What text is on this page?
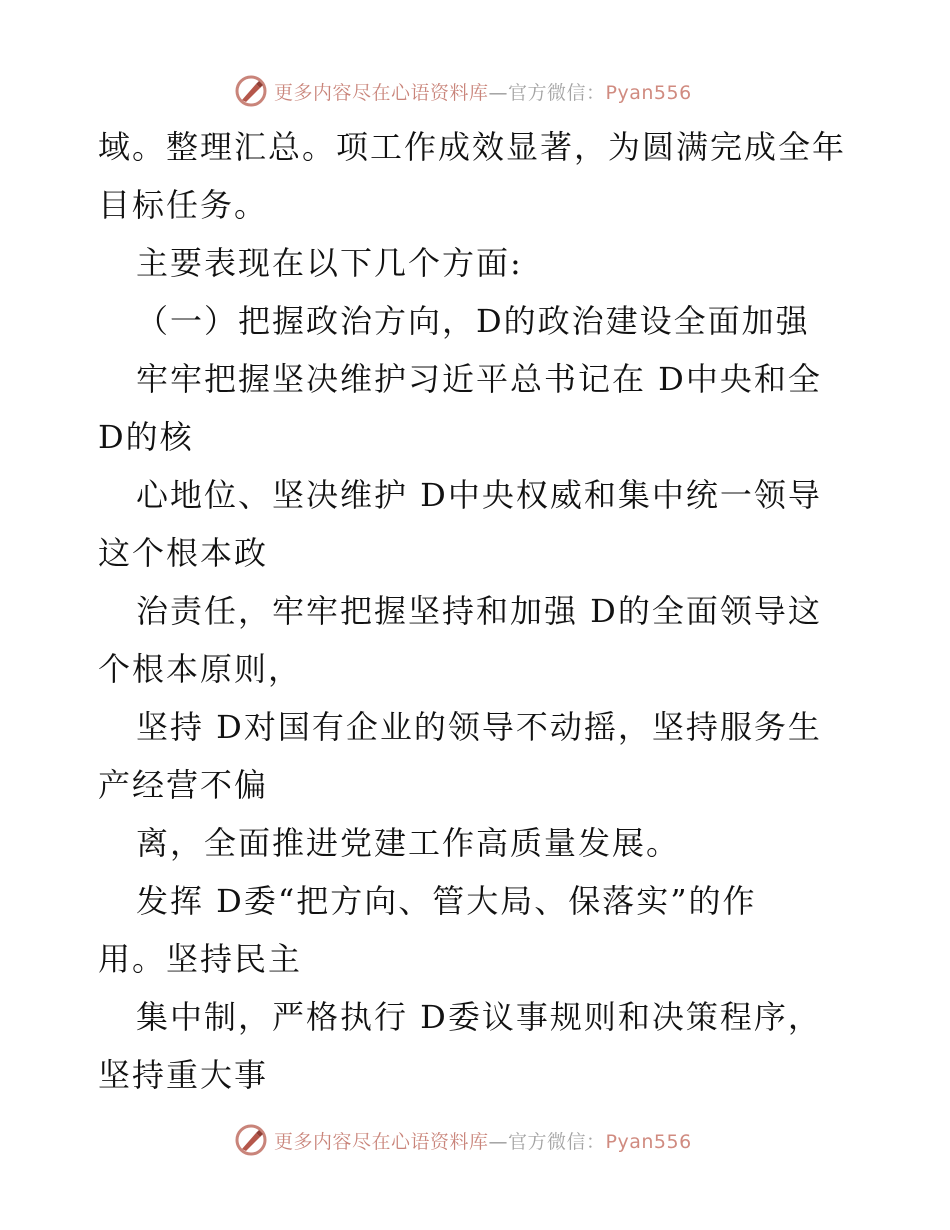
更多内容尽在心语资料库—官方微信：Pyan556
域。整理汇总。项工作成效显著，为圆满完成全年
目标任务。
主要表现在以下几个方面:
（一）把握政治方向，D的政治建设全面加强
牢牢把握坚决维护习近平总书记在 D中央和全
D的核
心地位、坚决维护 D中央权威和集中统一领导
这个根本政
治责任，牢牢把握坚持和加强 D的全面领导这
个根本原则，
坚持 D对国有企业的领导不动摇，坚持服务生
产经营不偏
离，全面推进党建工作高质量发展。
发挥 D委“把方向、管大局、保落实”的作
用。坚持民主
集中制，严格执行 D委议事规则和决策程序，
坚持重大事
更多内容尽在心语资料库—官方微信：Pyan556
